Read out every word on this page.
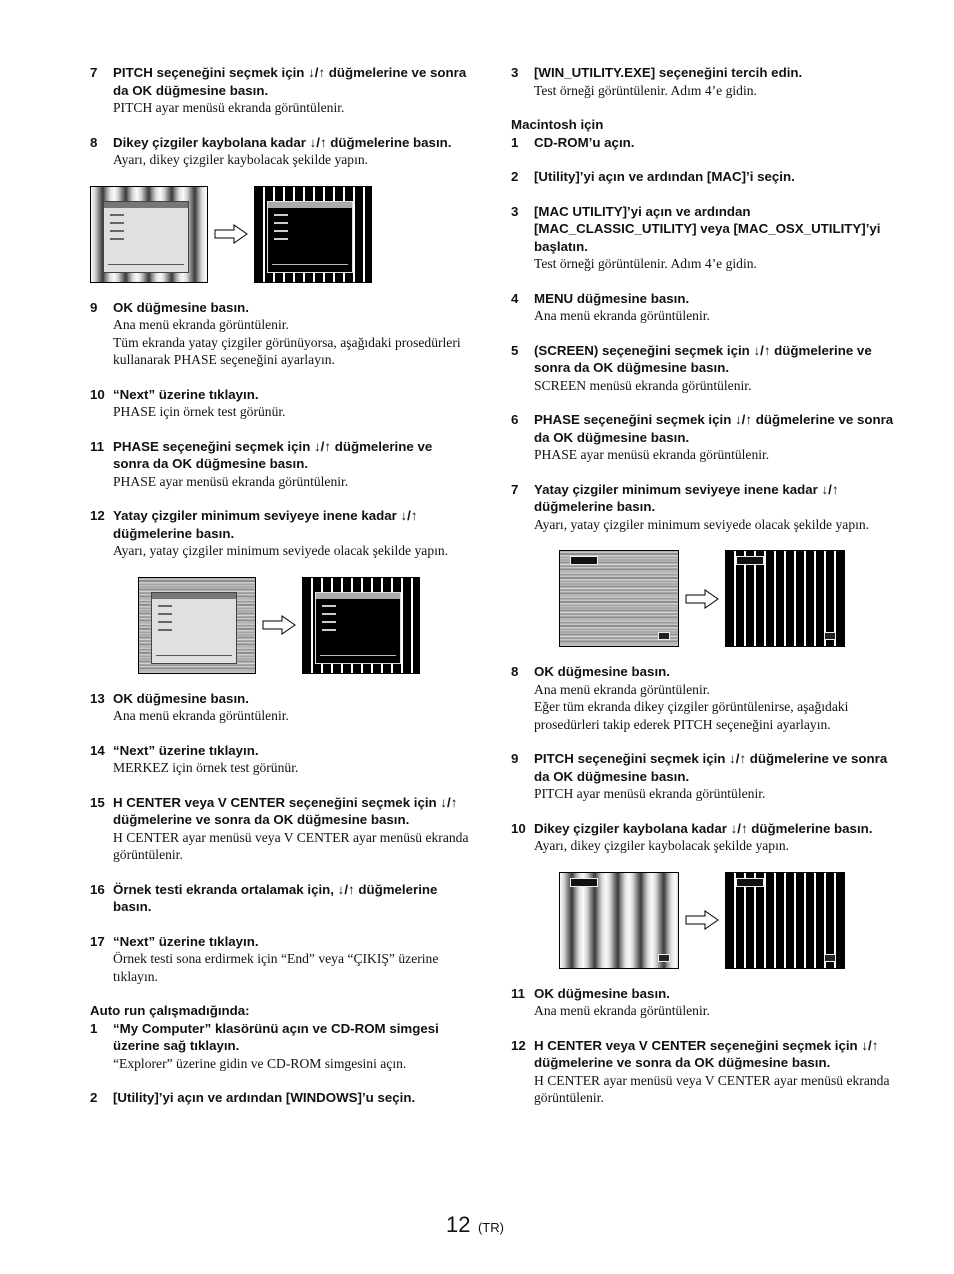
7	PITCH seçeneğini seçmek için ↓/↑ düğmelerine ve sonra da OK düğmesine basın.

PITCH ayar menüsü ekranda görüntülenir.

8	Dikey çizgiler kaybolana kadar ↓/↑ düğmelerine basın.

Ayarı, dikey çizgiler kaybolacak şekilde yapın.

9	OK düğmesine basın.

Ana menü ekranda görüntülenir.

Tüm ekranda yatay çizgiler görünüyorsa, aşağıdaki prosedürleri kullanarak PHASE seçeneğini ayarlayın.

10 “Next” üzerine tıklayın.

PHASE için örnek test görünür.

11 PHASE seçeneğini seçmek için ↓/↑ düğmelerine ve sonra da OK düğmesine basın.

PHASE ayar menüsü ekranda görüntülenir.

12 Yatay çizgiler minimum seviyeye inene kadar ↓/↑ düğmelerine basın.

Ayarı, yatay çizgiler minimum seviyede olacak şekilde yapın.

13 OK düğmesine basın.

Ana menü ekranda görüntülenir.

14 “Next” üzerine tıklayın.

MERKEZ için örnek test görünür.

15 H CENTER veya V CENTER seçeneğini seçmek için ↓/↑ düğmelerine ve sonra da OK düğmesine basın.

H CENTER ayar menüsü veya V CENTER ayar menüsü ekranda görüntülenir.

16 Örnek testi ekranda ortalamak için, ↓/↑ düğmelerine basın.
17 “Next” üzerine tıklayın.

Örnek testi sona erdirmek için “End” veya “ÇIKIŞ” üzerine tıklayın.

Auto run çalışmadığında:
1	“My Computer” klasörünü açın ve CD-ROM simgesi üzerine sağ tıklayın.

“Explorer” üzerine gidin ve CD-ROM simgesini açın.

2	[Utility]’yi açın ve ardından [WINDOWS]’u seçin.
3	[WIN_UTILITY.EXE] seçeneğini tercih edin.

Test örneği görüntülenir. Adım 4’e gidin.

Macintosh için
1	CD-ROM’u açın.
2	[Utility]’yi açın ve ardından [MAC]’i seçin.
3	[MAC UTILITY]’yi açın ve ardından [MAC_CLASSIC_UTILITY] veya [MAC_OSX_UTILITY]’yi başlatın.

Test örneği görüntülenir. Adım 4’e gidin.

4	MENU düğmesine basın.

Ana menü ekranda görüntülenir.

5	(SCREEN) seçeneğini seçmek için ↓/↑ düğmelerine ve sonra da OK düğmesine basın.

SCREEN menüsü ekranda görüntülenir.

6	PHASE seçeneğini seçmek için ↓/↑ düğmelerine ve sonra da OK düğmesine basın.

PHASE ayar menüsü ekranda görüntülenir.

7	Yatay çizgiler minimum seviyeye inene kadar ↓/↑ düğmelerine basın.

Ayarı, yatay çizgiler minimum seviyede olacak şekilde yapın.

8	OK düğmesine basın.

Ana menü ekranda görüntülenir.

Eğer tüm ekranda dikey çizgiler görüntülenirse, aşağıdaki prosedürleri takip ederek PITCH seçeneğini ayarlayın.

9	PITCH seçeneğini seçmek için ↓/↑ düğmelerine ve sonra da OK düğmesine basın.

PITCH ayar menüsü ekranda görüntülenir.

10 Dikey çizgiler kaybolana kadar ↓/↑ düğmelerine basın.

Ayarı, dikey çizgiler kaybolacak şekilde yapın.

11 OK düğmesine basın.

Ana menü ekranda görüntülenir.

12 H CENTER veya V CENTER seçeneğini seçmek için ↓/↑ düğmelerine ve sonra da OK düğmesine basın.

H CENTER ayar menüsü veya V CENTER ayar menüsü ekranda görüntülenir.

12 (TR)
